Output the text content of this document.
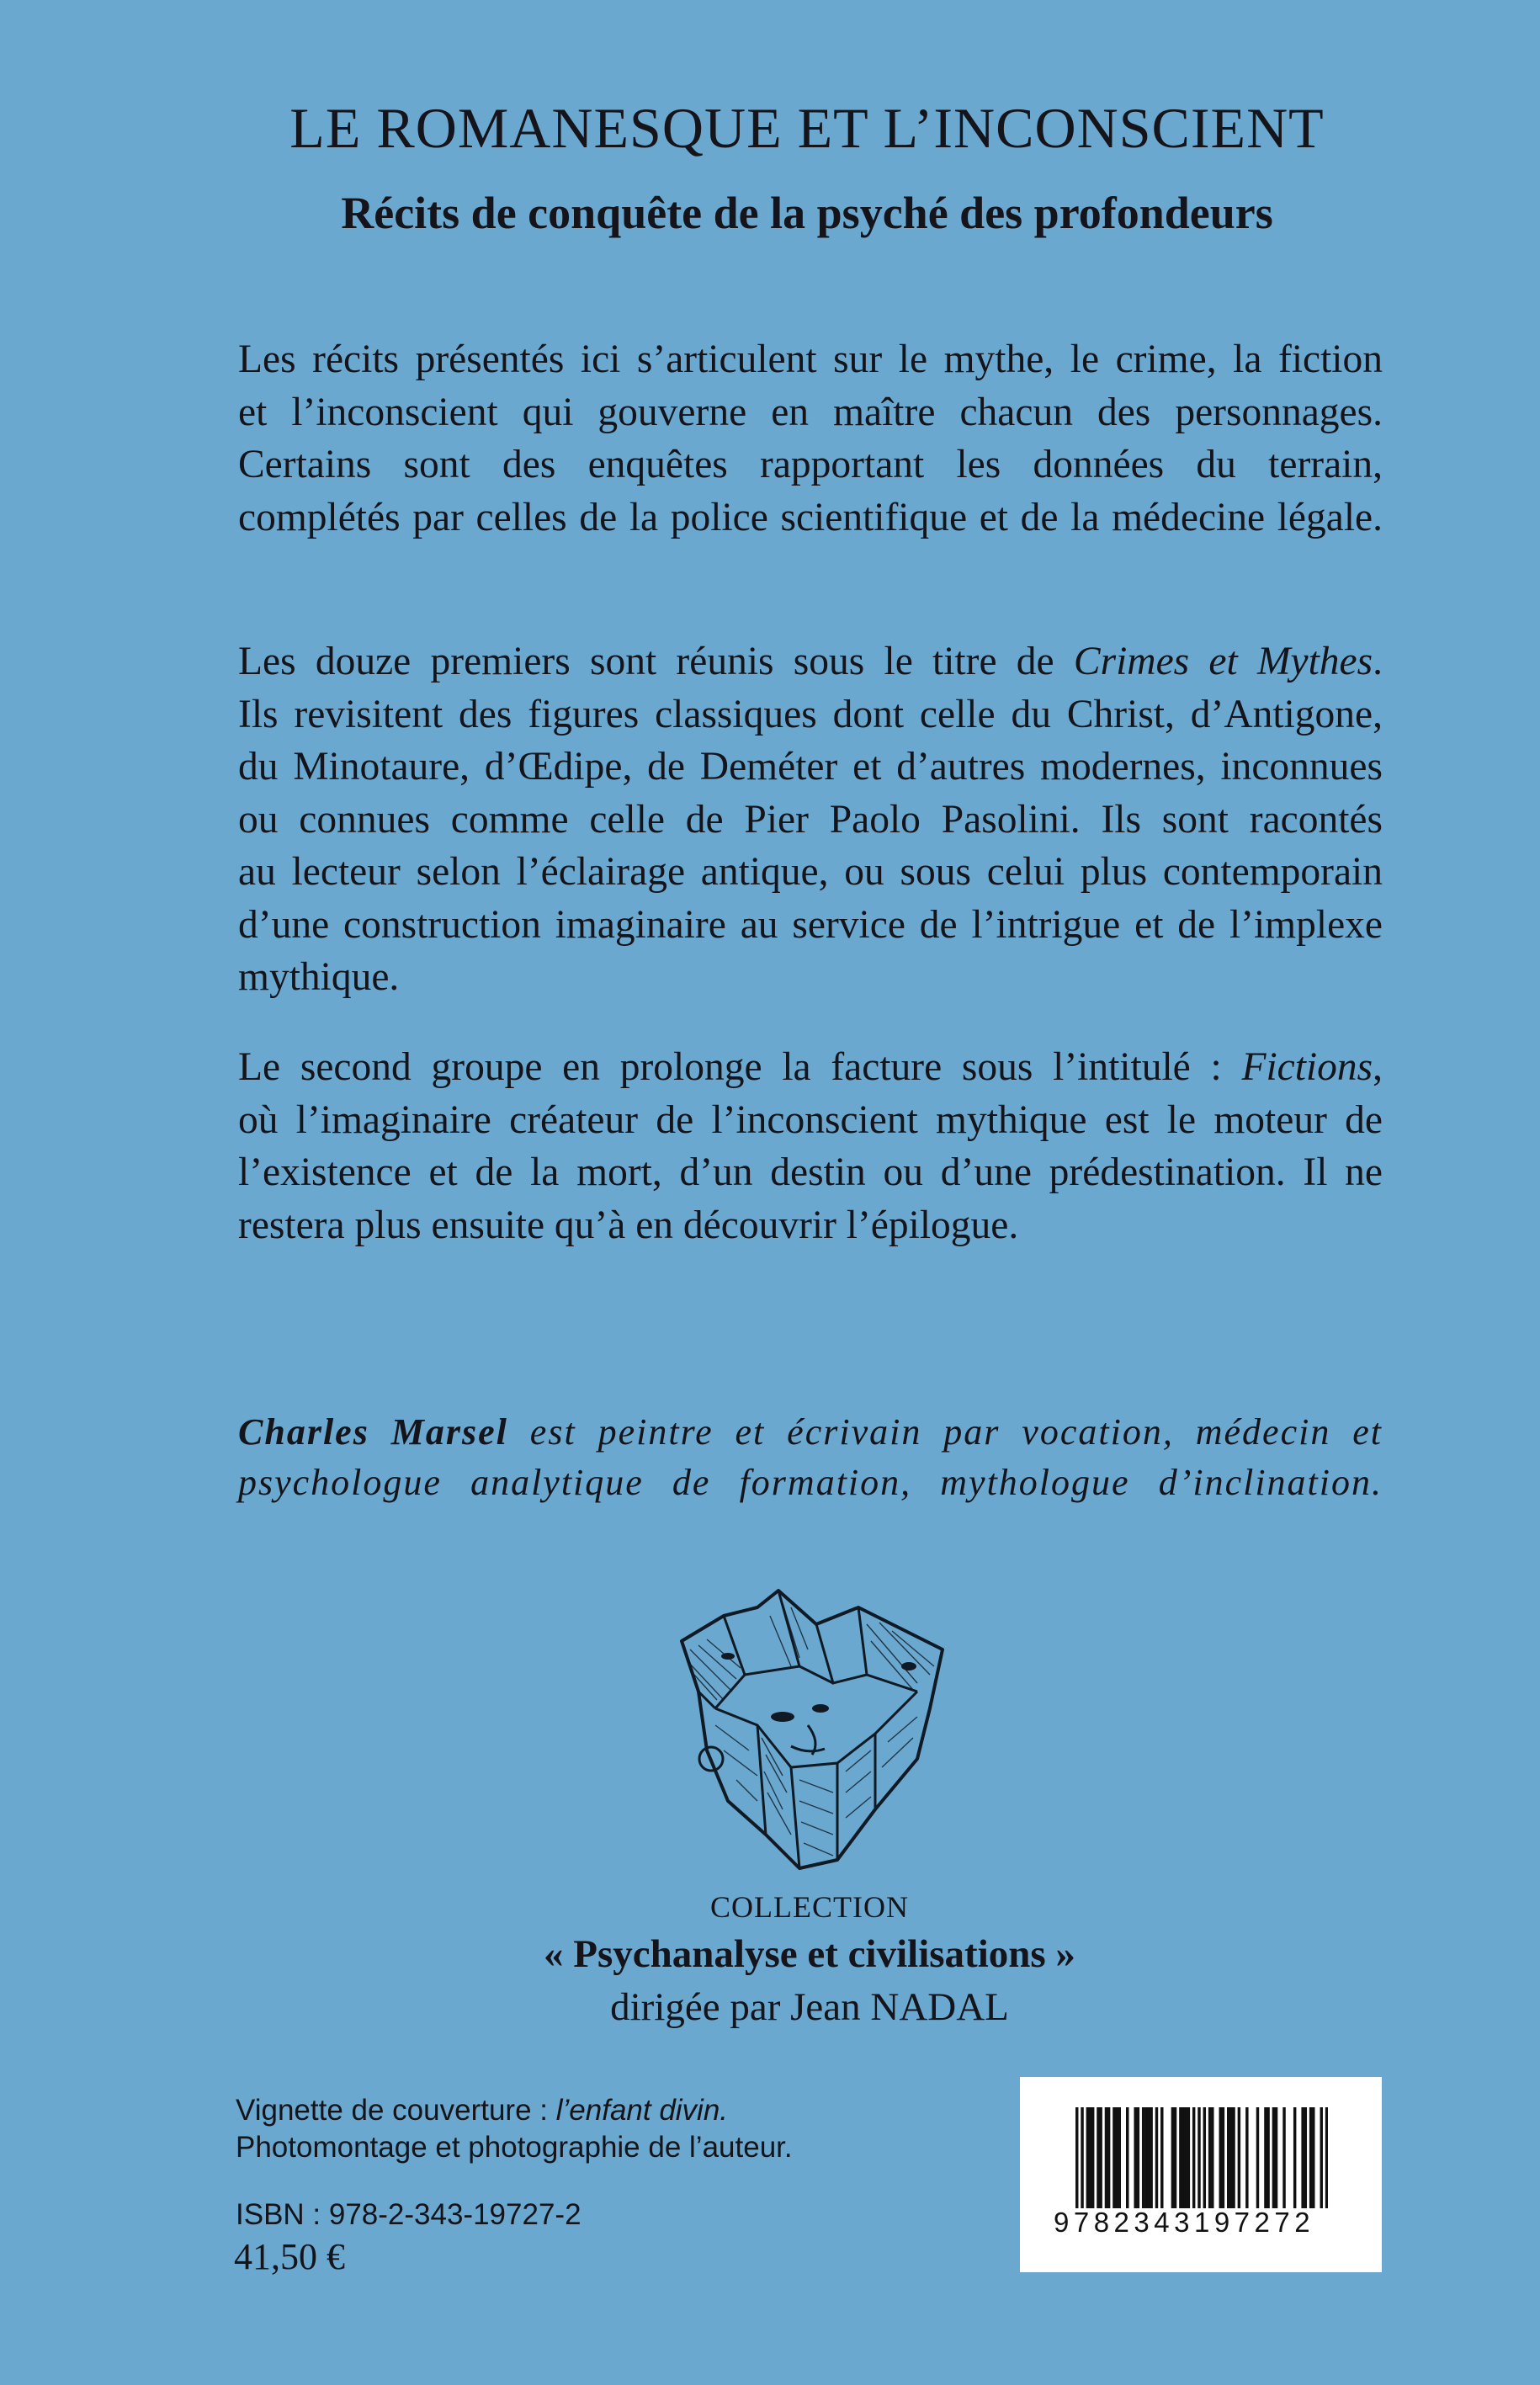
LE ROMANESQUE ET L’INCONSCIENT
Récits de conquête de la psyché des profondeurs
Les récits présentés ici s’articulent sur le mythe, le crime, la fiction
et l’inconscient qui gouverne en maître chacun des personnages.
Certains sont des enquêtes rapportant les données du terrain,
complétés par celles de la police scientifique et de la médecine légale.
Les douze premiers sont réunis sous le titre de Crimes et Mythes.
Ils revisitent des figures classiques dont celle du Christ, d’Antigone,
du Minotaure, d’Œdipe, de Deméter et d’autres modernes, inconnues
ou connues comme celle de Pier Paolo Pasolini. Ils sont racontés
au lecteur selon l’éclairage antique, ou sous celui plus contemporain
d’une construction imaginaire au service de l’intrigue et de l’implexe
mythique.
Le second groupe en prolonge la facture sous l’intitulé : Fictions,
où l’imaginaire créateur de l’inconscient mythique est le moteur de
l’existence et de la mort, d’un destin ou d’une prédestination. Il ne
restera plus ensuite qu’à en découvrir l’épilogue.
Charles Marsel est peintre et écrivain par vocation, médecin et
psychologue analytique de formation, mythologue d’inclination.
COLLECTION
« Psychanalyse et civilisations »
dirigée par Jean NADAL
Vignette de couverture : l’enfant divin.
Photomontage et photographie de l’auteur.
ISBN : 978-2-343-19727-2
41,50 €
9782343197272
